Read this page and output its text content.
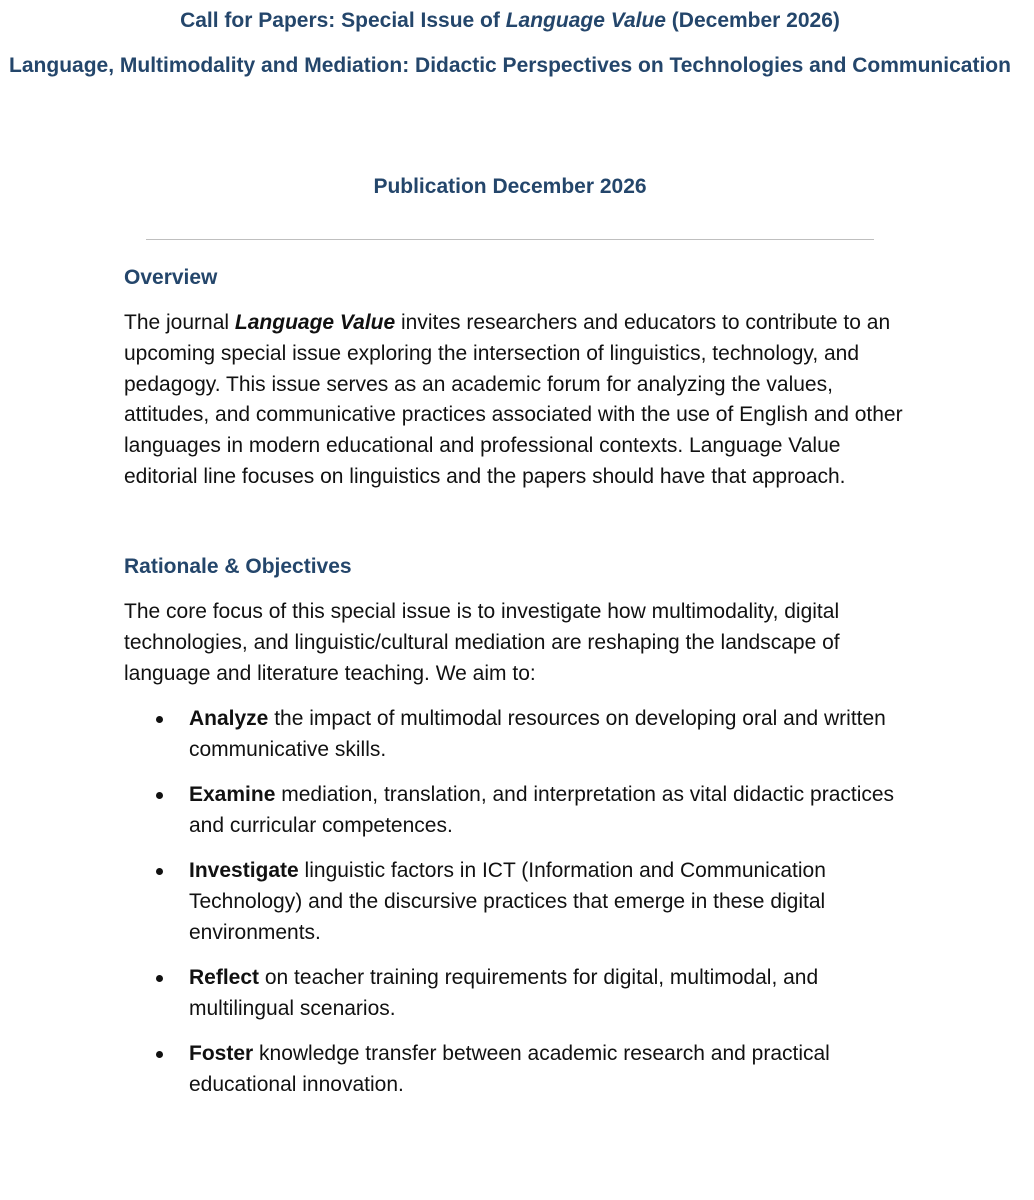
Call for Papers: Special Issue of Language Value (December 2026)
Language, Multimodality and Mediation: Didactic Perspectives on Technologies and Communication
Publication December 2026
Overview

The journal Language Value invites researchers and educators to contribute to an upcoming special issue exploring the intersection of linguistics, technology, and pedagogy. This issue serves as an academic forum for analyzing the values, attitudes, and communicative practices associated with the use of English and other languages in modern educational and professional contexts. Language Value editorial line focuses on linguistics and the papers should have that approach.

Rationale & Objectives

The core focus of this special issue is to investigate how multimodality, digital technologies, and linguistic/cultural mediation are reshaping the landscape of language and literature teaching. We aim to:

Analyze the impact of multimodal resources on developing oral and written communicative skills.
Examine mediation, translation, and interpretation as vital didactic practices and curricular competences.
Investigate linguistic factors in ICT (Information and Communication Technology) and the discursive practices that emerge in these digital environments.
Reflect on teacher training requirements for digital, multimodal, and multilingual scenarios.
Foster knowledge transfer between academic research and practical educational innovation.
